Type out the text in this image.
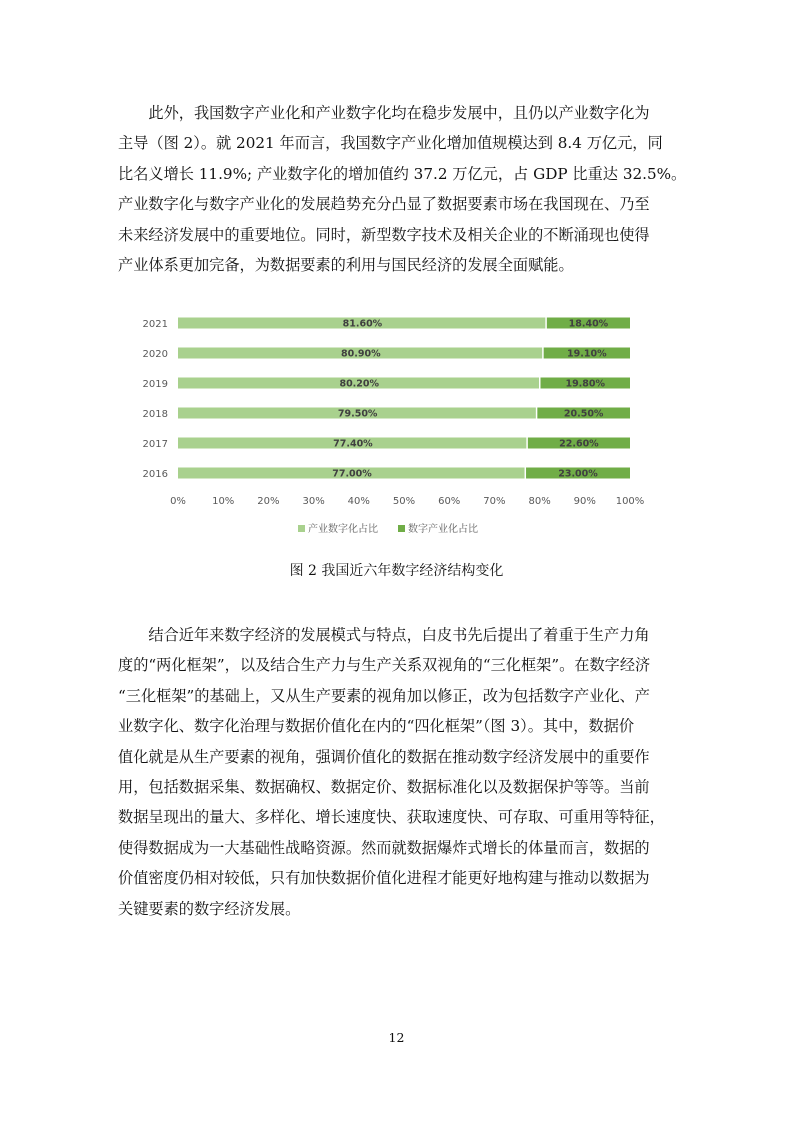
　　此外，我国数字产业化和产业数字化均在稳步发展中，且仍以产业数字化为
主导（图 2）。就 2021 年而言，我国数字产业化增加值规模达到 8.4 万亿元，同
比名义增长 11.9%; 产业数字化的增加值约 37.2 万亿元，占 GDP 比重达 32.5%。
产业数字化与数字产业化的发展趋势充分凸显了数据要素市场在我国现在、乃至
未来经济发展中的重要地位。同时，新型数字技术及相关企业的不断涌现也使得
产业体系更加完备，为数据要素的利用与国民经济的发展全面赋能。
2021	81.60%	18.40%
2020	80.90%	19.10%
2019	80.20%	19.80%
2018	79.50%	20.50%
2017	77.40%	22.60%
2016	77.00%	23.00%
0%	10% 20% 30% 40% 50% 60% 70% 80% 90% 100%
产业数字化占比	数字产业化占比
图 2 我国近六年数字经济结构变化
　　结合近年来数字经济的发展模式与特点，白皮书先后提出了着重于生产力角
度的“两化框架”，以及结合生产力与生产关系双视角的“三化框架”。在数字经济
“三化框架”的基础上，又从生产要素的视角加以修正，改为包括数字产业化、产
业数字化、数字化治理与数据价值化在内的“四化框架”（图 3）。其中，数据价
值化就是从生产要素的视角，强调价值化的数据在推动数字经济发展中的重要作
用，包括数据采集、数据确权、数据定价、数据标准化以及数据保护等等。当前
数据呈现出的量大、多样化、增长速度快、获取速度快、可存取、可重用等特征，
使得数据成为一大基础性战略资源。然而就数据爆炸式增长的体量而言，数据的
价值密度仍相对较低，只有加快数据价值化进程才能更好地构建与推动以数据为
关键要素的数字经济发展。
12
